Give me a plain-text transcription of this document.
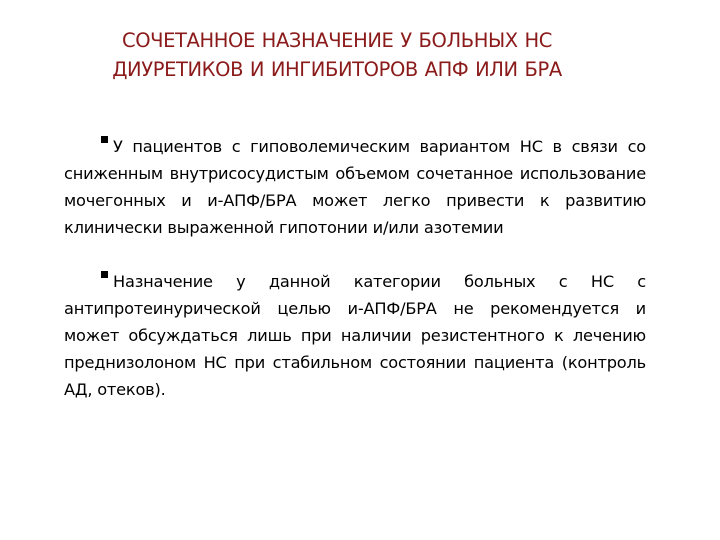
СОЧЕТАННОЕ НАЗНАЧЕНИЕ У БОЛЬНЫХ НС
ДИУРЕТИКОВ И ИНГИБИТОРОВ АПФ ИЛИ БРА

У пациентов с гиповолемическим вариантом НС в связи со сниженным внутрисосудистым объемом сочетанное использование мочегонных и и-АПФ/БРА может легко привести к развитию клинически выраженной гипотонии и/или азотемии

Назначение у данной категории больных с НС с антипротеинурической целью и-АПФ/БРА не рекомендуется и может обсуждаться лишь при наличии резистентного к лечению преднизолоном НС при стабильном состоянии пациента (контроль АД, отеков).
